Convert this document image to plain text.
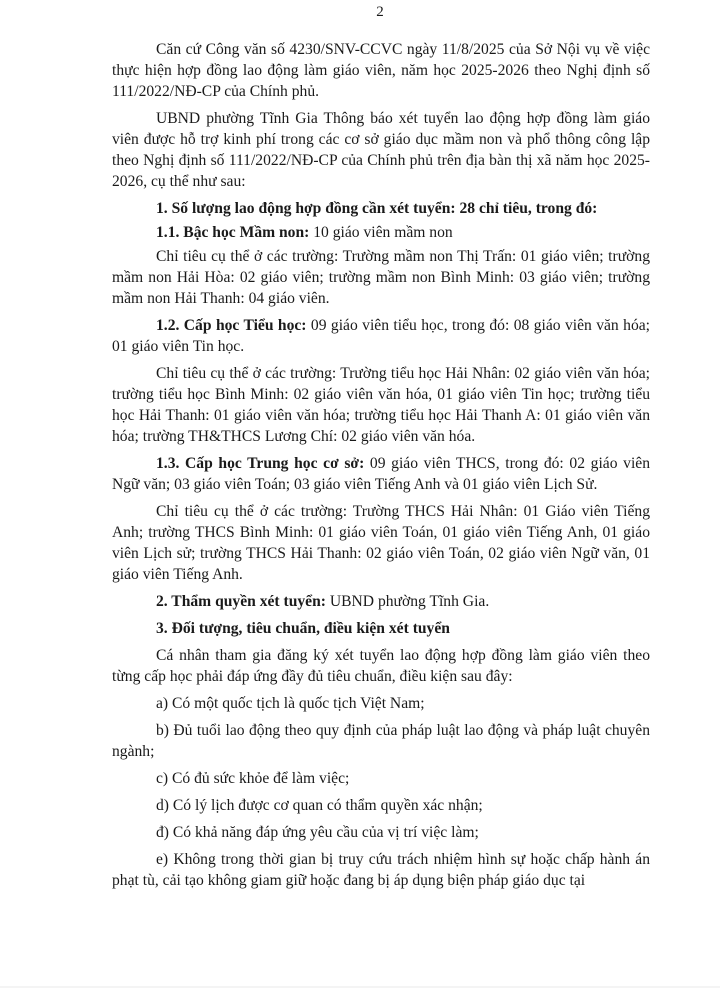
2

Căn cứ Công văn số 4230/SNV-CCVC ngày 11/8/2025 của Sở Nội vụ về việc thực hiện hợp đồng lao động làm giáo viên, năm học 2025-2026 theo Nghị định số 111/2022/NĐ-CP của Chính phủ.

UBND phường Tĩnh Gia Thông báo xét tuyển lao động hợp đồng làm giáo viên được hỗ trợ kinh phí trong các cơ sở giáo dục mầm non và phổ thông công lập theo Nghị định số 111/2022/NĐ-CP của Chính phủ trên địa bàn thị xã năm học 2025-2026, cụ thể như sau:

1. Số lượng lao động hợp đồng cần xét tuyển: 28 chỉ tiêu, trong đó:

1.1. Bậc học Mầm non: 10 giáo viên mầm non

Chỉ tiêu cụ thể ở các trường: Trường mầm non Thị Trấn: 01 giáo viên; trường mầm non Hải Hòa: 02 giáo viên; trường mầm non Bình Minh: 03 giáo viên; trường mầm non Hải Thanh: 04 giáo viên.

1.2. Cấp học Tiểu học: 09 giáo viên tiểu học, trong đó: 08 giáo viên văn hóa; 01 giáo viên Tin học.

Chỉ tiêu cụ thể ở các trường: Trường tiểu học Hải Nhân: 02 giáo viên văn hóa; trường tiểu học Bình Minh: 02 giáo viên văn hóa, 01 giáo viên Tin học; trường tiểu học Hải Thanh: 01 giáo viên văn hóa; trường tiểu học Hải Thanh A: 01 giáo viên văn hóa; trường TH&THCS Lương Chí: 02 giáo viên văn hóa.

1.3. Cấp học Trung học cơ sở: 09 giáo viên THCS, trong đó: 02 giáo viên Ngữ văn; 03 giáo viên Toán; 03 giáo viên Tiếng Anh và 01 giáo viên Lịch Sử.

Chỉ tiêu cụ thể ở các trường: Trường THCS Hải Nhân: 01 Giáo viên Tiếng Anh; trường THCS Bình Minh: 01 giáo viên Toán, 01 giáo viên Tiếng Anh, 01 giáo viên Lịch sử; trường THCS Hải Thanh: 02 giáo viên Toán, 02 giáo viên Ngữ văn, 01 giáo viên Tiếng Anh.

2. Thẩm quyền xét tuyển: UBND phường Tĩnh Gia.

3. Đối tượng, tiêu chuẩn, điều kiện xét tuyển

Cá nhân tham gia đăng ký xét tuyển lao động hợp đồng làm giáo viên theo từng cấp học phải đáp ứng đầy đủ tiêu chuẩn, điều kiện sau đây:

a) Có một quốc tịch là quốc tịch Việt Nam;

b) Đủ tuổi lao động theo quy định của pháp luật lao động và pháp luật chuyên ngành;

c) Có đủ sức khỏe để làm việc;

d) Có lý lịch được cơ quan có thẩm quyền xác nhận;

đ) Có khả năng đáp ứng yêu cầu của vị trí việc làm;

e) Không trong thời gian bị truy cứu trách nhiệm hình sự hoặc chấp hành án phạt tù, cải tạo không giam giữ hoặc đang bị áp dụng biện pháp giáo dục tại
